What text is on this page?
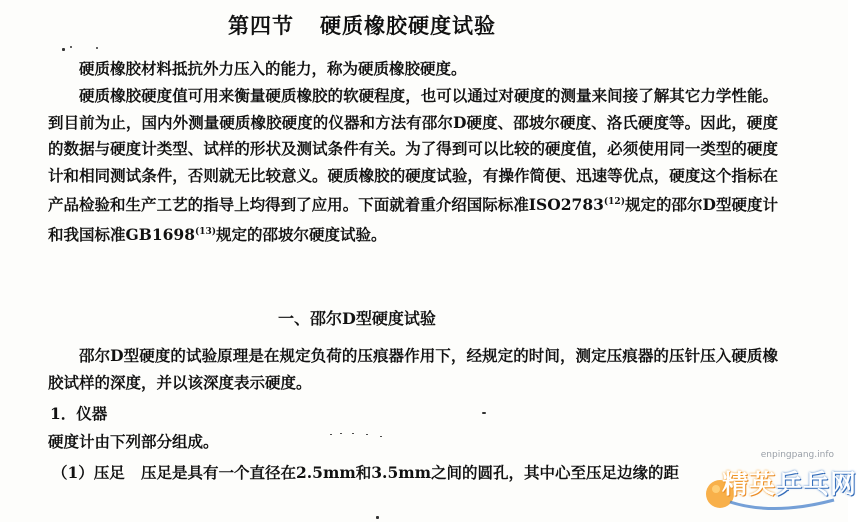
第四节 硬质橡胶硬度试验

硬质橡胶材料抵抗外力压入的能力，称为硬质橡胶硬度。

硬质橡胶硬度值可用来衡量硬质橡胶的软硬程度，也可以通过对硬度的测量来间接了解其它力学性能。到目前为止，国内外测量硬质橡胶硬度的仪器和方法有邵尔D硬度、邵坡尔硬度、洛氏硬度等。因此，硬度的数据与硬度计类型、试样的形状及测试条件有关。为了得到可以比较的硬度值，必须使用同一类型的硬度计和相同测试条件，否则就无比较意义。硬质橡胶的硬度试验，有操作简便、迅速等优点，硬度这个指标在产品检验和生产工艺的指导上均得到了应用。下面就着重介绍国际标准ISO2783$^{(12)}$规定的邵尔D型硬度计和我国标准GB1698$^{(13)}$规定的邵坡尔硬度试验。

一、邵尔D型硬度试验

邵尔D型硬度的试验原理是在规定负荷的压痕器作用下，经规定的时间，测定压痕器的压针压入硬质橡胶试样的深度，并以该深度表示硬度。

1．仪器
硬度计由下列部分组成。
（1）压足 压足是具有一个直径在2.5mm和3.5mm之间的圆孔，其中心至压足边缘的距
enpingpang.info
精英乒乓网
